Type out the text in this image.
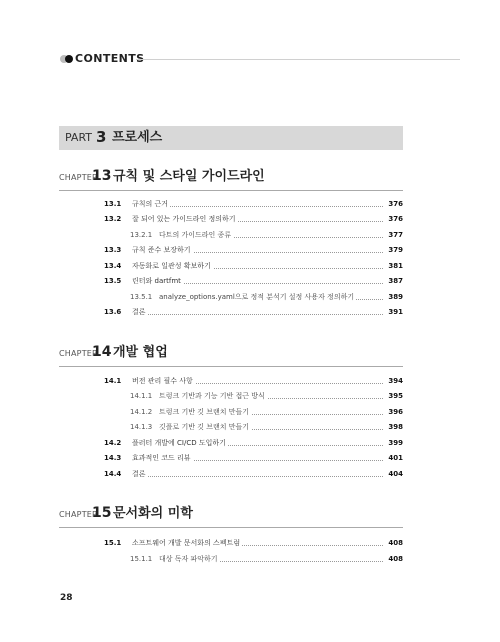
CONTENTS
PART 3 프로세스
CHAPTER
13 규칙 및 스타일 가이드라인
13.1 규칙의 근거	376
13.2 잘 되어 있는 가이드라인 정의하기	376
13.2.1 다트의 가이드라인 종류	377
13.3 규칙 준수 보장하기	379
13.4 자동화로 일관성 확보하기	381
13.5 린터와 dartfmt	387
13.5.1 analyze_options.yaml으로 정적 분석기 설정 사용자 정의하기	389
13.6 결론	391
CHAPTER
14 개발 협업
14.1 버전 관리 필수 사항	394
14.1.1 트렁크 기반과 기능 기반 접근 방식	395
14.1.2 트렁크 기반 깃 브랜치 만들기	396
14.1.3 깃플로 기반 깃 브랜치 만들기	398
14.2 플러터 개발에 CI/CD 도입하기	399
14.3 효과적인 코드 리뷰	401
14.4 결론	404
CHAPTER
15 문서화의 미학
15.1 소프트웨어 개발 문서화의 스펙트럼	408
15.1.1 대상 독자 파악하기	408
28
